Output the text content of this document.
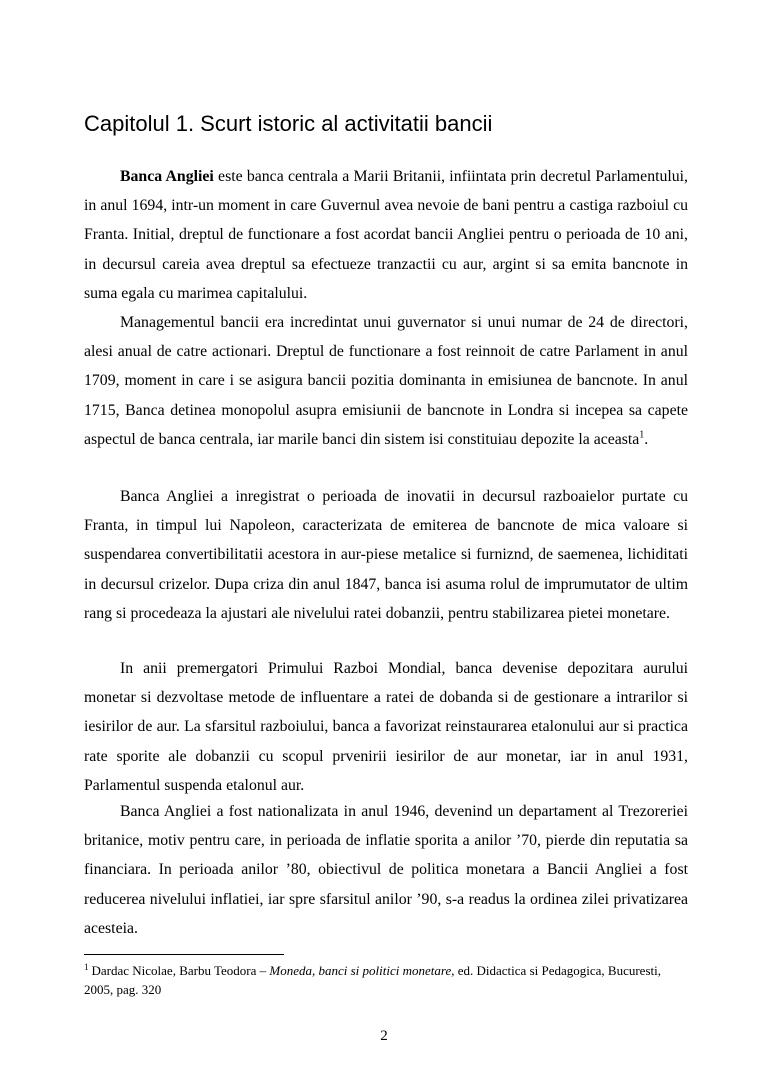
Capitolul 1. Scurt istoric al activitatii bancii

Banca Angliei este banca centrala a Marii Britanii, infiintata prin decretul Parlamentului, in anul 1694, intr-un moment in care Guvernul avea nevoie de bani pentru a castiga razboiul cu Franta. Initial, dreptul de functionare a fost acordat bancii Angliei pentru o perioada de 10 ani, in decursul careia avea dreptul sa efectueze tranzactii cu aur, argint si sa emita bancnote in suma egala cu marimea capitalului.

Managementul bancii era incredintat unui guvernator si unui numar de 24 de directori, alesi anual de catre actionari. Dreptul de functionare a fost reinnoit de catre Parlament in anul 1709, moment in care i se asigura bancii pozitia dominanta in emisiunea de bancnote. In anul 1715, Banca detinea monopolul asupra emisiunii de bancnote in Londra si incepea sa capete aspectul de banca centrala, iar marile banci din sistem isi constituiau depozite la aceasta$^1$.

Banca Angliei a inregistrat o perioada de inovatii in decursul razboaielor purtate cu Franta, in timpul lui Napoleon, caracterizata de emiterea de bancnote de mica valoare si suspendarea convertibilitatii acestora in aur-piese metalice si furniznd, de saemenea, lichiditati in decursul crizelor. Dupa criza din anul 1847, banca isi asuma rolul de imprumutator de ultim rang si procedeaza la ajustari ale nivelului ratei dobanzii, pentru stabilizarea pietei monetare.

In anii premergatori Primului Razboi Mondial, banca devenise depozitara aurului monetar si dezvoltase metode de influentare a ratei de dobanda si de gestionare a intrarilor si iesirilor de aur. La sfarsitul razboiului, banca a favorizat reinstaurarea etalonului aur si practica rate sporite ale dobanzii cu scopul prvenirii iesirilor de aur monetar, iar in anul 1931, Parlamentul suspenda etalonul aur.

Banca Angliei a fost nationalizata in anul 1946, devenind un departament al Trezoreriei britanice, motiv pentru care, in perioada de inflatie sporita a anilor ’70, pierde din reputatia sa financiara. In perioada anilor ’80, obiectivul de politica monetara a Bancii Angliei a fost reducerea nivelului inflatiei, iar spre sfarsitul anilor ’90, s-a readus la ordinea zilei privatizarea acesteia.

$^1$ Dardac Nicolae, Barbu Teodora – Moneda, banci si politici monetare, ed. Didactica si Pedagogica, Bucuresti, 2005, pag. 320

2
